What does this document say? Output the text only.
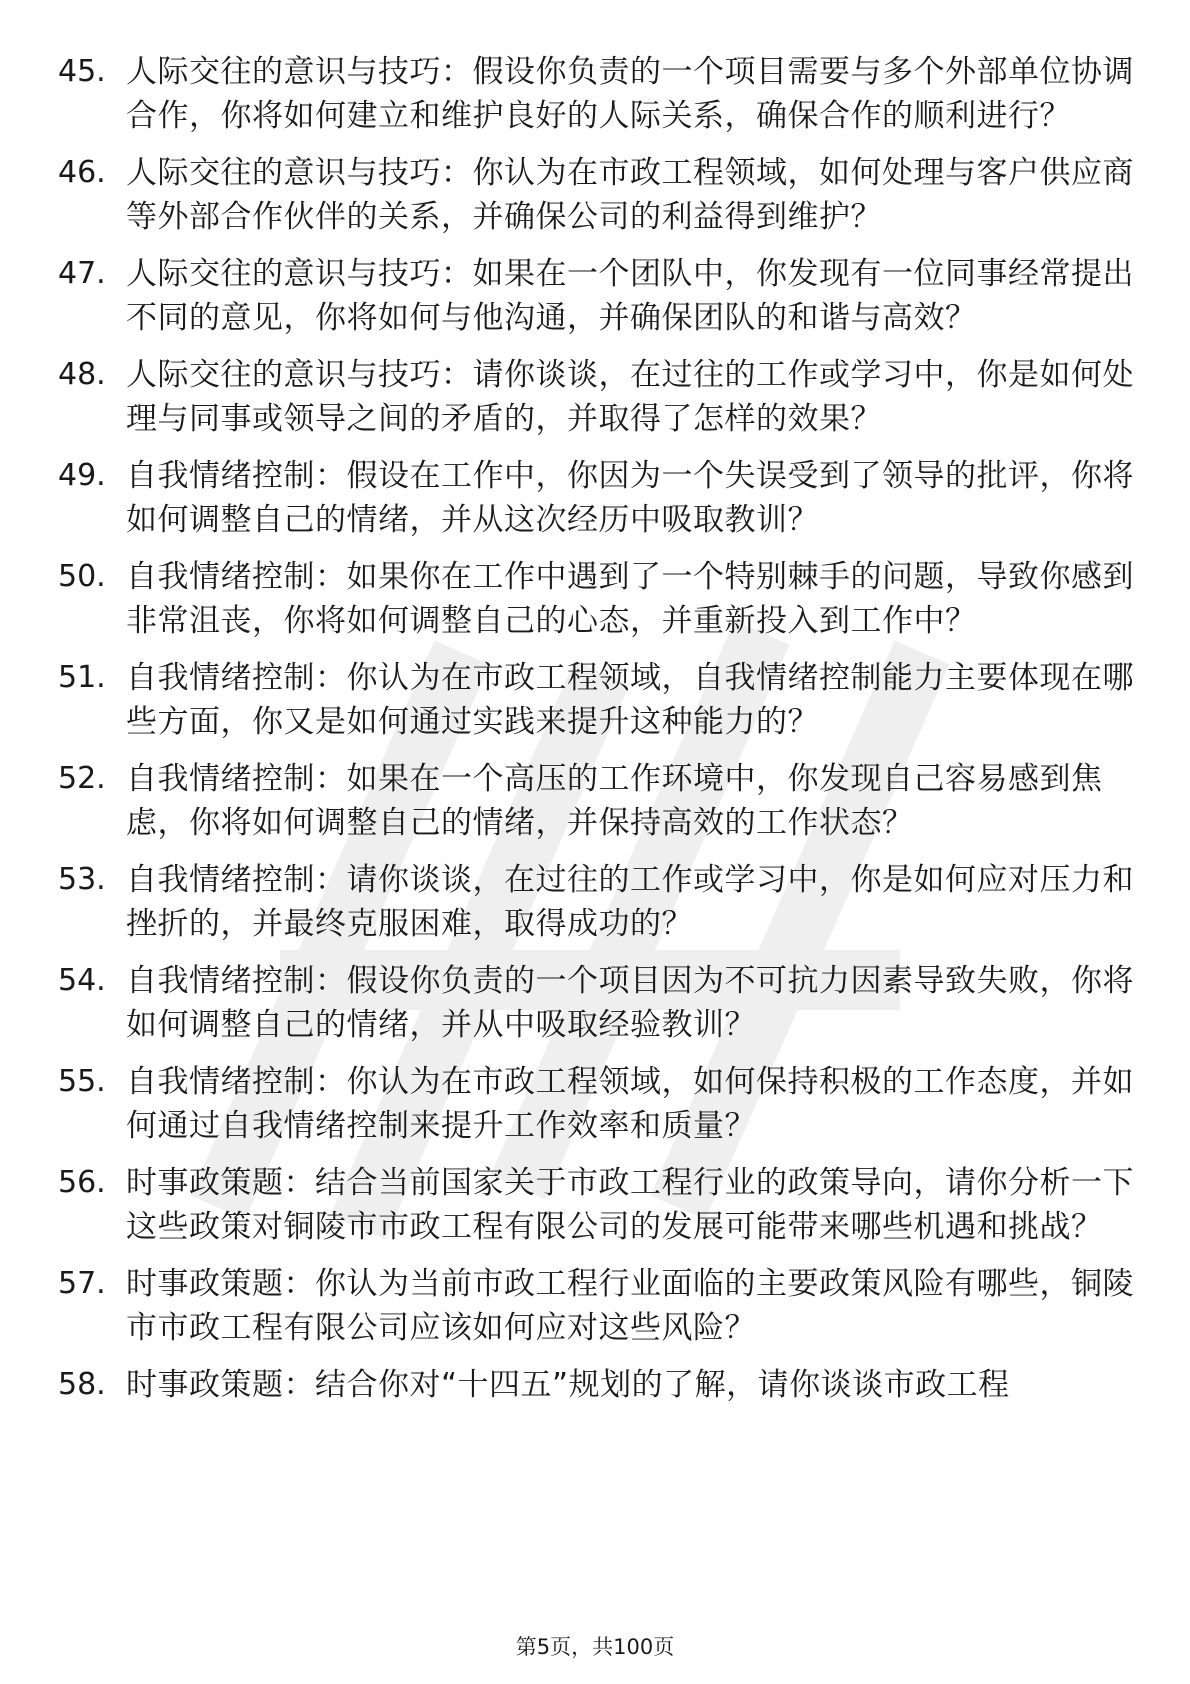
45. 人际交往的意识与技巧：假设你负责的一个项目需要与多个外部单位协调合作，你将如何建立和维护良好的人际关系，确保合作的顺利进行？
46. 人际交往的意识与技巧：你认为在市政工程领域，如何处理与客户供应商等外部合作伙伴的关系，并确保公司的利益得到维护？
47. 人际交往的意识与技巧：如果在一个团队中，你发现有一位同事经常提出不同的意见，你将如何与他沟通，并确保团队的和谐与高效？
48. 人际交往的意识与技巧：请你谈谈，在过往的工作或学习中，你是如何处理与同事或领导之间的矛盾的，并取得了怎样的效果？
49. 自我情绪控制：假设在工作中，你因为一个失误受到了领导的批评，你将如何调整自己的情绪，并从这次经历中吸取教训？
50. 自我情绪控制：如果你在工作中遇到了一个特别棘手的问题，导致你感到非常沮丧，你将如何调整自己的心态，并重新投入到工作中？
51. 自我情绪控制：你认为在市政工程领域，自我情绪控制能力主要体现在哪些方面，你又是如何通过实践来提升这种能力的？
52. 自我情绪控制：如果在一个高压的工作环境中，你发现自己容易感到焦虑，你将如何调整自己的情绪，并保持高效的工作状态？
53. 自我情绪控制：请你谈谈，在过往的工作或学习中，你是如何应对压力和挫折的，并最终克服困难，取得成功的？
54. 自我情绪控制：假设你负责的一个项目因为不可抗力因素导致失败，你将如何调整自己的情绪，并从中吸取经验教训？
55. 自我情绪控制：你认为在市政工程领域，如何保持积极的工作态度，并如何通过自我情绪控制来提升工作效率和质量？
56. 时事政策题：结合当前国家关于市政工程行业的政策导向，请你分析一下这些政策对铜陵市市政工程有限公司的发展可能带来哪些机遇和挑战？
57. 时事政策题：你认为当前市政工程行业面临的主要政策风险有哪些，铜陵市市政工程有限公司应该如何应对这些风险？
58. 时事政策题：结合你对“十四五”规划的了解，请你谈谈市政工程
第5页，共100页
